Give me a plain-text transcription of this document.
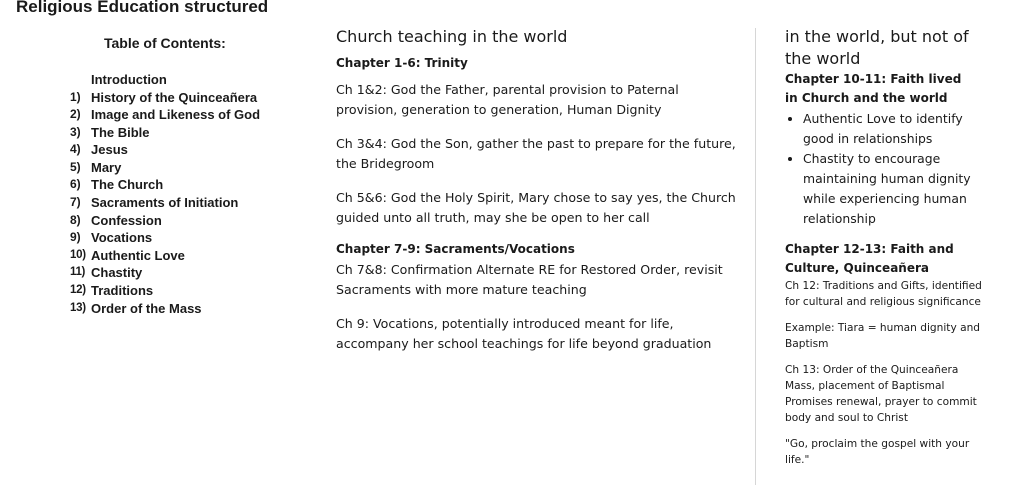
Religious Education structured
Table of Contents:
Introduction
1) History of the Quinceañera
2) Image and Likeness of God
3) The Bible
4) Jesus
5) Mary
6) The Church
7) Sacraments of Initiation
8) Confession
9) Vocations
10) Authentic Love
11) Chastity
12) Traditions
13) Order of the Mass
Church teaching in the world
Chapter 1-6: Trinity

Ch 1&2: God the Father, parental provision to Paternal provision, generation to generation, Human Dignity

Ch 3&4: God the Son, gather the past to prepare for the future, the Bridegroom

Ch 5&6: God the Holy Spirit, Mary chose to say yes, the Church guided unto all truth, may she be open to her call

Chapter 7-9: Sacraments/Vocations

Ch 7&8: Confirmation Alternate RE for Restored Order, revisit Sacraments with more mature teaching

Ch 9: Vocations, potentially introduced meant for life, accompany her school teachings for life beyond graduation

in the world, but not of the world
Chapter 10-11: Faith lived in Church and the world
• Authentic Love to identify good in relationships
• Chastity to encourage maintaining human dignity while experiencing human relationship
Chapter 12-13: Faith and Culture, Quinceañera

Ch 12: Traditions and Gifts, identified for cultural and religious significance

Example: Tiara = human dignity and Baptism

Ch 13: Order of the Quinceañera Mass, placement of Baptismal Promises renewal, prayer to commit body and soul to Christ

"Go, proclaim the gospel with your life."
